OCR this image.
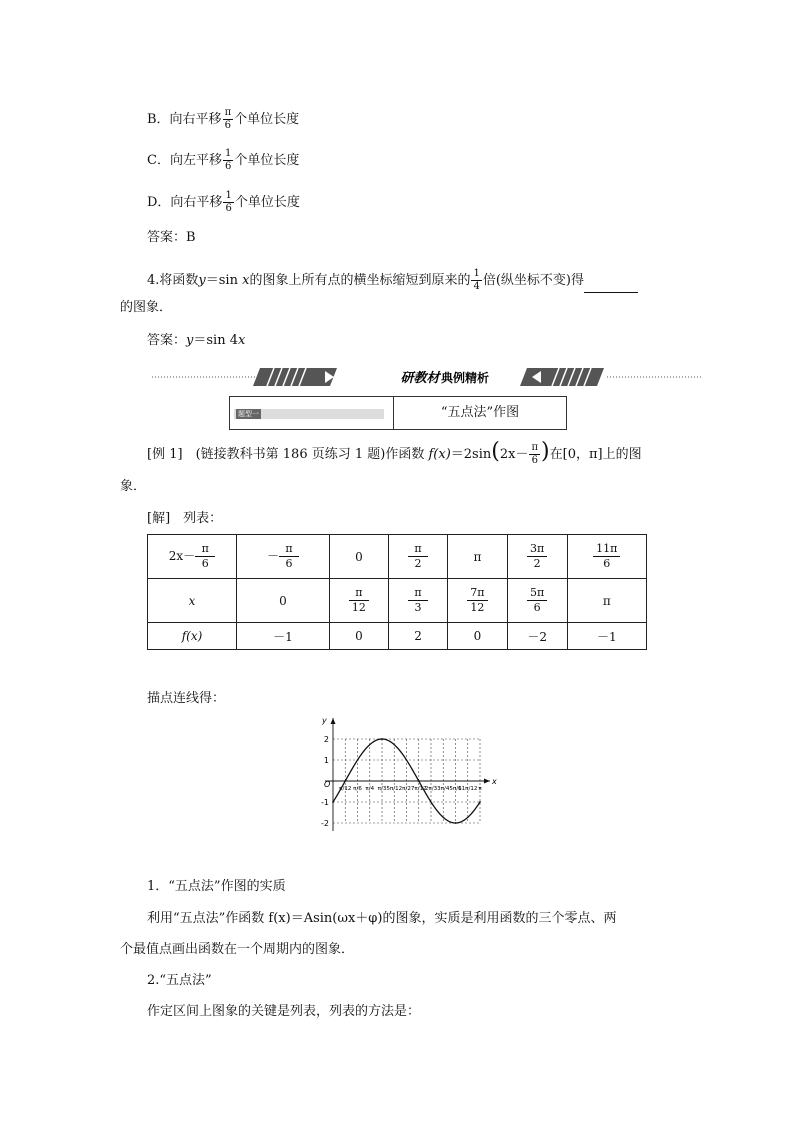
B．向右平移 $\frac{\pi}{6}$ 个单位长度
C．向左平移 $\frac{1}{6}$ 个单位长度
D．向右平移 $\frac{1}{6}$ 个单位长度
答案：B
4.将函数y＝sin x的图象上所有点的横坐标缩短到原来的 $\frac{1}{4}$ 倍(纵坐标不变)得
的图象．
答案：y＝sin 4x
研教材 典例精析
题型一	“五点法”作图
[例 1]　 (链接教科书第 186 页练习 1 题)作函数 $f(x)=2\sin(2x- \frac{\pi}{6}$ )在[0，π]上的图
象．
[解]　 列表：
$2x- \frac{\pi}{6}$	－ $\frac{\pi}{6}$	0	$\frac{\pi}{2}$	π	$\frac{3\pi}{2}$	$\frac{11\pi}{6}$

x	0	$\frac{\pi}{12}$	$\frac{\pi}{3}$	$\frac{7\pi}{12}$	$\frac{5\pi}{6}$	π
f(x)	－1	0	2	0	－2	－1
描点连线得：
π/12 π/6 π/4 π/3 5π/12 π/2 7π/12
2π/3 3π/4 5π/6
11π/12 π
2
1
-1
-2
x
y
O
1．“五点法”作图的实质
利用“五点法”作函数 f(x)＝Asin(ωx＋φ)的图象，实质是利用函数的三个零点、两
个最值点画出函数在一个周期内的图象．
2.“五点法”
作定区间上图象的关键是列表，列表的方法是：
